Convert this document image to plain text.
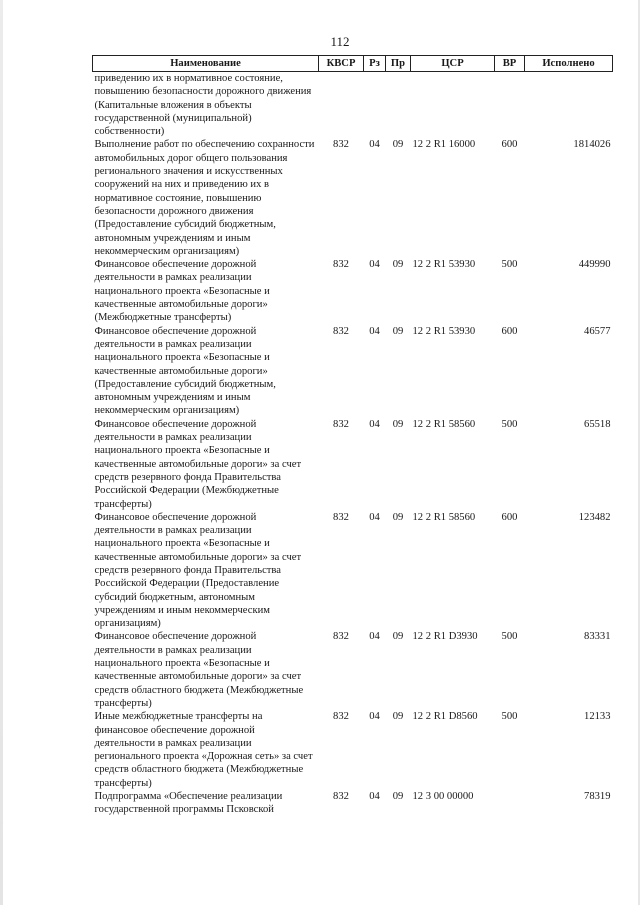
112
Наименование	КВСР	Рз	Пр	ЦСР	ВР	Исполнено
приведению их в нормативное состояние, повышению безопасности дорожного движения (Капитальные вложения в объекты государственной (муниципальной) собственности)						
Выполнение работ по обеспечению сохранности автомобильных дорог общего пользования регионального значения и искусственных сооружений на них и приведению их в нормативное состояние, повышению безопасности дорожного движения (Предоставление субсидий бюджетным, автономным учреждениям и иным некоммерческим организациям)	832	04	09	12 2 R1 16000	600	1814026
Финансовое обеспечение дорожной деятельности в рамках реализации национального проекта «Безопасные и качественные автомобильные дороги» (Межбюджетные трансферты)	832	04	09	12 2 R1 53930	500	449990
Финансовое обеспечение дорожной деятельности в рамках реализации национального проекта «Безопасные и качественные автомобильные дороги» (Предоставление субсидий бюджетным, автономным учреждениям и иным некоммерческим организациям)	832	04	09	12 2 R1 53930	600	46577
Финансовое обеспечение дорожной деятельности в рамках реализации национального проекта «Безопасные и качественные автомобильные дороги» за счет средств резервного фонда Правительства Российской Федерации (Межбюджетные трансферты)	832	04	09	12 2 R1 58560	500	65518
Финансовое обеспечение дорожной деятельности в рамках реализации национального проекта «Безопасные и качественные автомобильные дороги» за счет средств резервного фонда Правительства Российской Федерации (Предоставление субсидий бюджетным, автономным учреждениям и иным некоммерческим организациям)	832	04	09	12 2 R1 58560	600	123482
Финансовое обеспечение дорожной деятельности в рамках реализации национального проекта «Безопасные и качественные автомобильные дороги» за счет средств областного бюджета (Межбюджетные трансферты)	832	04	09	12 2 R1 D3930	500	83331
Иные межбюджетные трансферты на финансовое обеспечение дорожной деятельности в рамках реализации регионального проекта «Дорожная сеть» за счет средств областного бюджета (Межбюджетные трансферты)	832	04	09	12 2 R1 D8560	500	12133
Подпрограмма «Обеспечение реализации государственной программы Псковской	832	04	09	12 3 00 00000		78319
